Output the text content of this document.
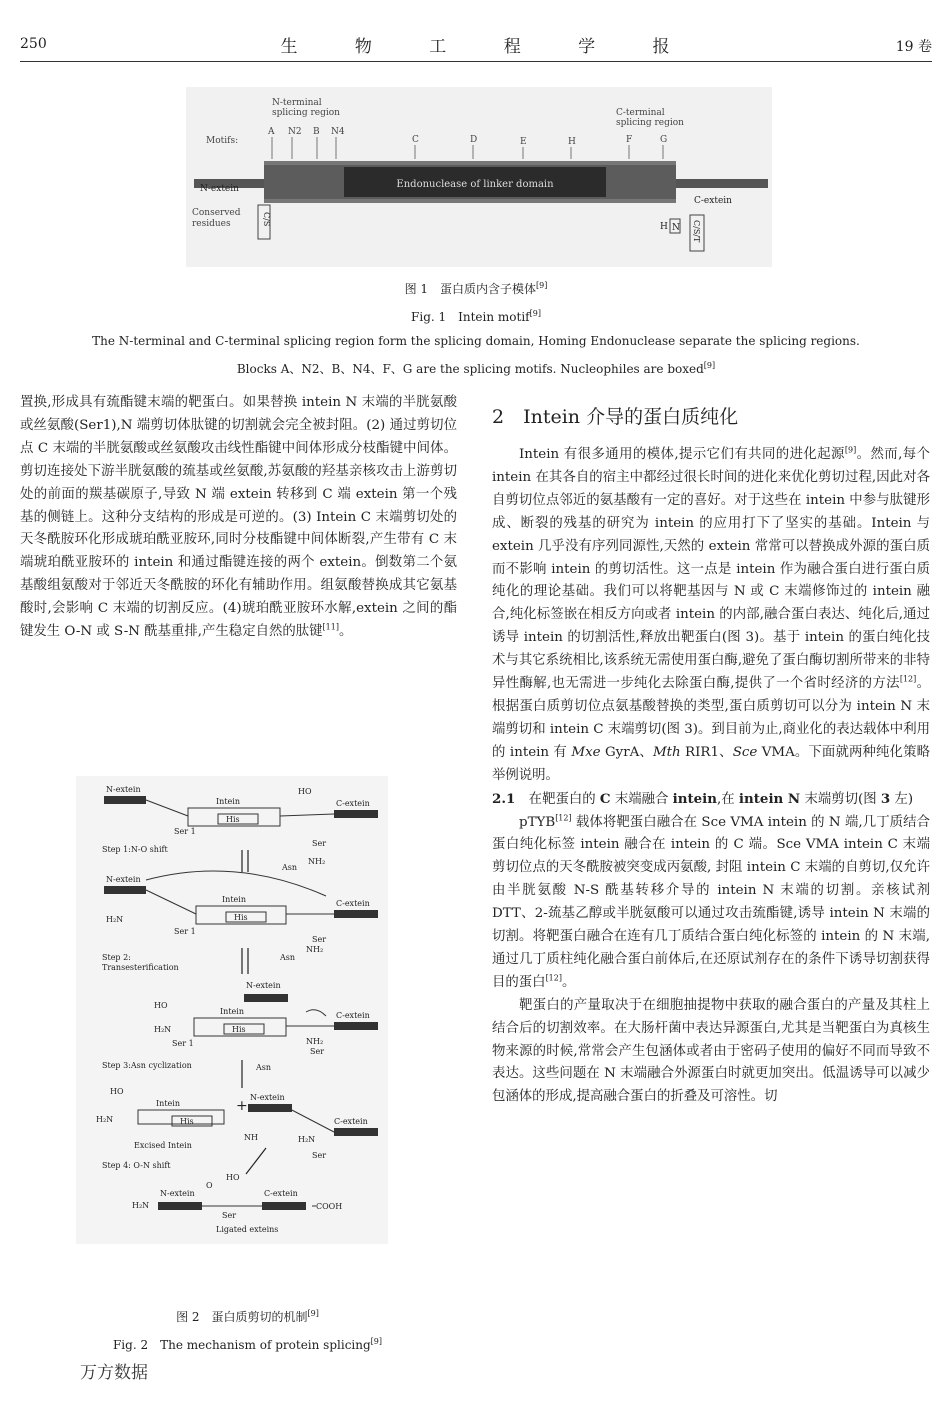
250	生 物 工 程 学 报	19 卷
N-terminal
splicing region	C-terminal
splicing region
Motifs:
A N2 B N4
C	D	E	H	F	G
N-extein	Endonuclease of linker domain
C-extein
Conserved
residues	C/S
H N C/S/T
图 1　蛋白质内含子模体[9]
Fig. 1　Intein motif[9]
The N-terminal and C-terminal splicing region form the splicing domain, Homing Endonuclease separate the splicing regions.
Blocks A、N2、B、N4、F、G are the splicing motifs. Nucleophiles are boxed[9]

置换,形成具有巯酯键末端的靶蛋白。如果替换 intein N 末端的半胱氨酸或丝氨酸(Ser1),N 端剪切体肽键的切割就会完全被封阻。(2) 通过剪切位点 C 末端的半胱氨酸或丝氨酸攻击线性酯键中间体形成分枝酯键中间体。剪切连接处下游半胱氨酸的巯基或丝氨酸,苏氨酸的羟基亲核攻击上游剪切处的前面的羰基碳原子,导致 N 端 extein 转移到 C 端 extein 第一个残基的侧链上。这种分支结构的形成是可逆的。(3) Intein C 末端剪切处的天冬酰胺环化形成琥珀酰亚胺环,同时分枝酯键中间体断裂,产生带有 C 末端琥珀酰亚胺环的 intein 和通过酯键连接的两个 extein。倒数第二个氨基酸组氨酸对于邻近天冬酰胺的环化有辅助作用。组氨酸替换成其它氨基酸时,会影响 C 末端的切割反应。(4)琥珀酰亚胺环水解,extein 之间的酯键发生 O-N 或 S-N 酰基重排,产生稳定自然的肽键[11]。

N-extein
Intein
His
Ser 1
C-extein
Ser
Asn
NH₂
HO
Step 1:N-O shift
N-extein
H₂N
Intein
His
Ser 1
C-extein
Ser
Asn
NH₂
Step 2:
Transesterification
N-extein
HO
H₂N
Intein
His
Ser 1
C-extein
Ser
NH₂
Asn
Step 3:Asn cyclization
HO
H₂N
Intein
His
+
NH
Excised Intein
N-extein
C-extein
H₂N
Ser
Step 4: O-N shift
H₂N
N-extein
O
Ser
HO
C-extein
COOH
Ligated exteins
图 2　蛋白质剪切的机制[9]
Fig. 2　The mechanism of protein splicing[9]
万方数据
2　Intein 介导的蛋白质纯化

Intein 有很多通用的模体,提示它们有共同的进化起源[9]。然而,每个 intein 在其各自的宿主中都经过很长时间的进化来优化剪切过程,因此对各自剪切位点邻近的氨基酸有一定的喜好。对于这些在 intein 中参与肽键形成、断裂的残基的研究为 intein 的应用打下了坚实的基础。Intein 与 extein 几乎没有序列同源性,天然的 extein 常常可以替换成外源的蛋白质而不影响 intein 的剪切活性。这一点是 intein 作为融合蛋白进行蛋白质纯化的理论基础。我们可以将靶基因与 N 或 C 末端修饰过的 intein 融合,纯化标签嵌在相反方向或者 intein 的内部,融合蛋白表达、纯化后,通过诱导 intein 的切割活性,释放出靶蛋白(图 3)。基于 intein 的蛋白纯化技术与其它系统相比,该系统无需使用蛋白酶,避免了蛋白酶切割所带来的非特异性酶解,也无需进一步纯化去除蛋白酶,提供了一个省时经济的方法[12]。根据蛋白质剪切位点氨基酸替换的类型,蛋白质剪切可以分为 intein N 末端剪切和 intein C 末端剪切(图 3)。到目前为止,商业化的表达载体中利用的 intein 有 Mxe GyrA、Mth RIR1、Sce VMA。下面就两种纯化策略举例说明。

2.1　在靶蛋白的 C 末端融合 intein,在 intein N 末端剪切(图 3 左)

pTYB[12] 载体将靶蛋白融合在 Sce VMA intein 的 N 端,几丁质结合蛋白纯化标签 intein 融合在 intein 的 C 端。Sce VMA intein C 末端剪切位点的天冬酰胺被突变成丙氨酸, 封阻 intein C 末端的自剪切,仅允许由半胱氨酸 N-S 酰基转移介导的 intein N 末端的切割。亲核试剂 DTT、2-巯基乙醇或半胱氨酸可以通过攻击巯酯键,诱导 intein N 末端的切割。将靶蛋白融合在连有几丁质结合蛋白纯化标签的 intein 的 N 末端,通过几丁质柱纯化融合蛋白前体后,在还原试剂存在的条件下诱导切割获得目的蛋白[12]。

靶蛋白的产量取决于在细胞抽提物中获取的融合蛋白的产量及其柱上结合后的切割效率。在大肠杆菌中表达异源蛋白,尤其是当靶蛋白为真核生物来源的时候,常常会产生包涵体或者由于密码子使用的偏好不同而导致不表达。这些问题在 N 末端融合外源蛋白时就更加突出。低温诱导可以减少包涵体的形成,提高融合蛋白的折叠及可溶性。切
